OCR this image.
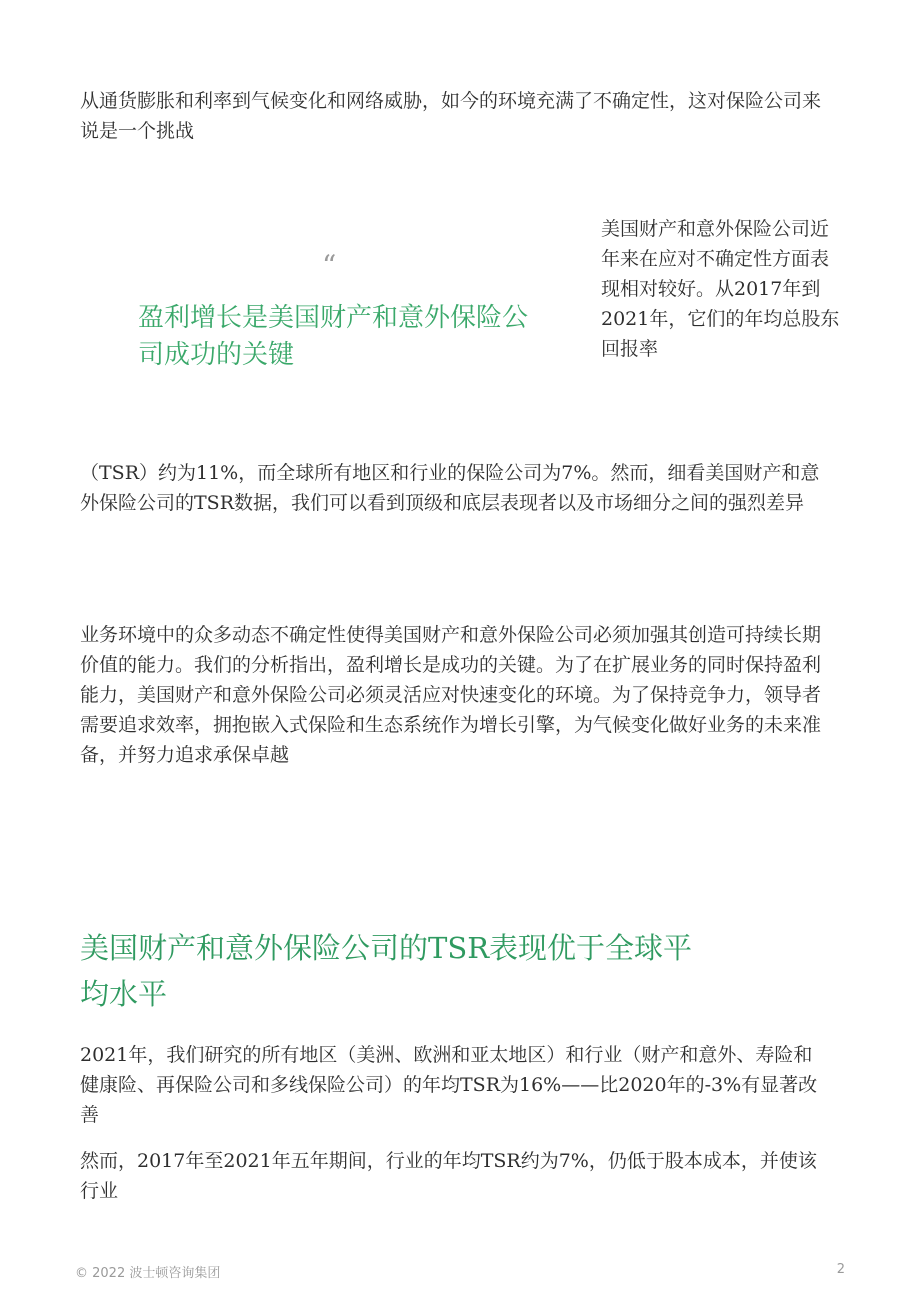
从通货膨胀和利率到气候变化和网络威胁，如今的环境充满了不确定性，这对保险公司来说是一个挑战

“

盈利增长是美国财产和意外保险公司成功的关键

美国财产和意外保险公司近年来在应对不确定性方面表现相对较好。从2017年到2021年，它们的年均总股东回报率

（TSR）约为11%，而全球所有地区和行业的保险公司为7%。然而，细看美国财产和意外保险公司的TSR数据，我们可以看到顶级和底层表现者以及市场细分之间的强烈差异

业务环境中的众多动态不确定性使得美国财产和意外保险公司必须加强其创造可持续长期价值的能力。我们的分析指出，盈利增长是成功的关键。为了在扩展业务的同时保持盈利能力，美国财产和意外保险公司必须灵活应对快速变化的环境。为了保持竞争力，领导者需要追求效率，拥抱嵌入式保险和生态系统作为增长引擎，为气候变化做好业务的未来准备，并努力追求承保卓越

美国财产和意外保险公司的TSR表现优于全球平均水平

2021年，我们研究的所有地区（美洲、欧洲和亚太地区）和行业（财产和意外、寿险和健康险、再保险公司和多线保险公司）的年均TSR为16%——比2020年的-3%有显著改善

然而，2017年至2021年五年期间，行业的年均TSR约为7%，仍低于股本成本，并使该行业

© 2022 波士顿咨询集团	2
